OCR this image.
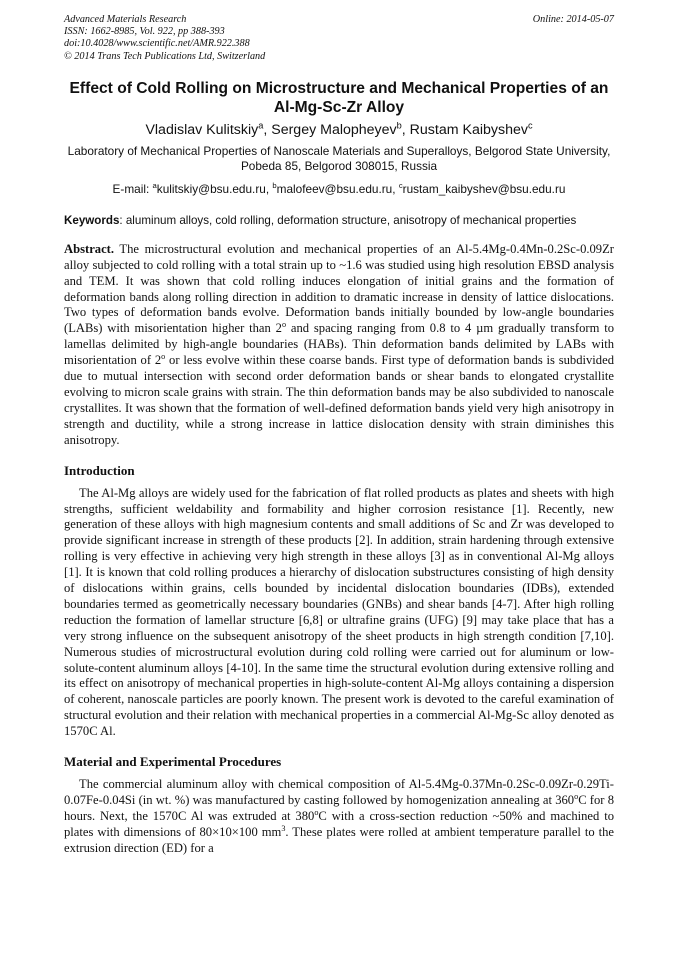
Advanced Materials Research
ISSN: 1662-8985, Vol. 922, pp 388-393
doi:10.4028/www.scientific.net/AMR.922.388
© 2014 Trans Tech Publications Ltd, Switzerland
Online: 2014-05-07
Effect of Cold Rolling on Microstructure and Mechanical Properties of an Al-Mg-Sc-Zr Alloy
Vladislav Kulitskiy$^a$, Sergey Malopheyev$^b$, Rustam Kaibyshev$^c$
Laboratory of Mechanical Properties of Nanoscale Materials and Superalloys, Belgorod State University, Pobeda 85, Belgorod 308015, Russia
E-mail: $^a$kulitskiy@bsu.edu.ru, $^b$malofeev@bsu.edu.ru, $^c$rustam_kaibyshev@bsu.edu.ru
Keywords: aluminum alloys, cold rolling, deformation structure, anisotropy of mechanical properties

Abstract. The microstructural evolution and mechanical properties of an Al-5.4Mg-0.4Mn-0.2Sc-0.09Zr alloy subjected to cold rolling with a total strain up to ~1.6 was studied using high resolution EBSD analysis and TEM. It was shown that cold rolling induces elongation of initial grains and the formation of deformation bands along rolling direction in addition to dramatic increase in density of lattice dislocations. Two types of deformation bands evolve. Deformation bands initially bounded by low-angle boundaries (LABs) with misorientation higher than 2$^o$ and spacing ranging from 0.8 to 4 µm gradually transform to lamellas delimited by high-angle boundaries (HABs). Thin deformation bands delimited by LABs with misorientation of 2$^o$ or less evolve within these coarse bands. First type of deformation bands is subdivided due to mutual intersection with second order deformation bands or shear bands to elongated crystallite evolving to micron scale grains with strain. The thin deformation bands may be also subdivided to nanoscale crystallites. It was shown that the formation of well-defined deformation bands yield very high anisotropy in strength and ductility, while a strong increase in lattice dislocation density with strain diminishes this anisotropy.

Introduction

The Al-Mg alloys are widely used for the fabrication of flat rolled products as plates and sheets with high strengths, sufficient weldability and formability and higher corrosion resistance [1]. Recently, new generation of these alloys with high magnesium contents and small additions of Sc and Zr was developed to provide significant increase in strength of these products [2]. In addition, strain hardening through extensive rolling is very effective in achieving very high strength in these alloys [3] as in conventional Al-Mg alloys [1]. It is known that cold rolling produces a hierarchy of dislocation substructures consisting of high density of dislocations within grains, cells bounded by incidental dislocation boundaries (IDBs), extended boundaries termed as geometrically necessary boundaries (GNBs) and shear bands [4-7]. After high rolling reduction the formation of lamellar structure [6,8] or ultrafine grains (UFG) [9] may take place that has a very strong influence on the subsequent anisotropy of the sheet products in high strength condition [7,10]. Numerous studies of microstructural evolution during cold rolling were carried out for aluminum or low-solute-content aluminum alloys [4-10]. In the same time the structural evolution during extensive rolling and its effect on anisotropy of mechanical properties in high-solute-content Al-Mg alloys containing a dispersion of coherent, nanoscale particles are poorly known. The present work is devoted to the careful examination of structural evolution and their relation with mechanical properties in a commercial Al-Mg-Sc alloy denoted as 1570C Al.

Material and Experimental Procedures

The commercial aluminum alloy with chemical composition of Al-5.4Mg-0.37Mn-0.2Sc-0.09Zr-0.29Ti-0.07Fe-0.04Si (in wt. %) was manufactured by casting followed by homogenization annealing at 360$^o$C for 8 hours. Next, the 1570C Al was extruded at 380$^o$C with a cross-section reduction ~50% and machined to plates with dimensions of 80×10×100 $mm^3$. These plates were rolled at ambient temperature parallel to the extrusion direction (ED) for a
